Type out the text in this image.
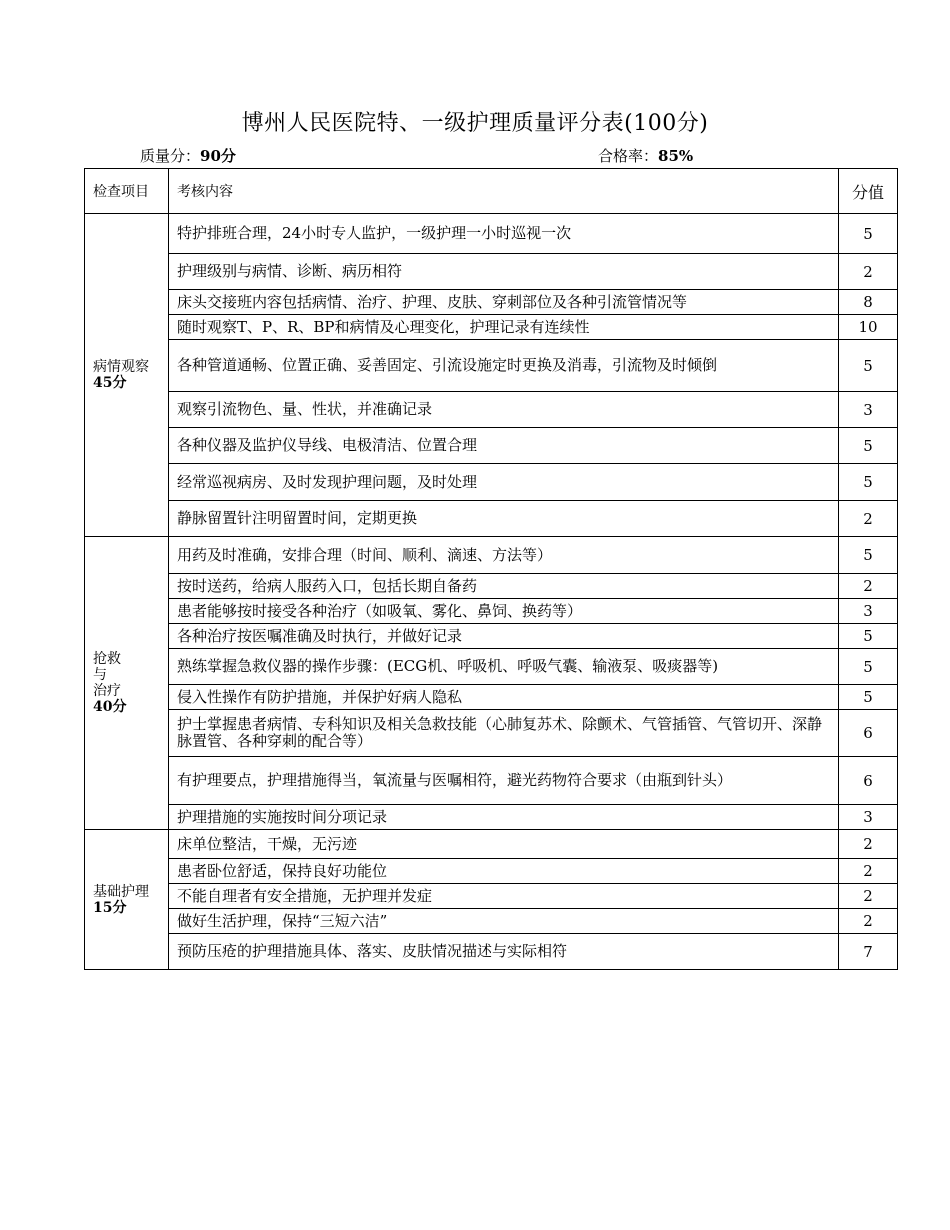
博州人民医院特、一级护理质量评分表(100分)
质量分：90分	合格率：85%
检查项目	考核内容	分值

病情观察
45分	特护排班合理，24小时专人监护，一级护理一小时巡视一次	5
	护理级别与病情、诊断、病历相符	2
	床头交接班内容包括病情、治疗、护理、皮肤、穿刺部位及各种引流管情况等	8
	随时观察T、P、R、BP和病情及心理变化，护理记录有连续性	10
	各种管道通畅、位置正确、妥善固定、引流设施定时更换及消毒，引流物及时倾倒	5
	观察引流物色、量、性状，并准确记录	3
	各种仪器及监护仪导线、电极清洁、位置合理	5
	经常巡视病房、及时发现护理问题，及时处理	5
	静脉留置针注明留置时间，定期更换	2

抢救
与
治疗
40分	用药及时准确，安排合理（时间、顺利、滴速、方法等）	5
	按时送药，给病人服药入口，包括长期自备药	2
	患者能够按时接受各种治疗（如吸氧、雾化、鼻饲、换药等）	3
	各种治疗按医嘱准确及时执行，并做好记录	5
	熟练掌握急救仪器的操作步骤：(ECG机、呼吸机、呼吸气囊、输液泵、吸痰器等)	5
	侵入性操作有防护措施，并保护好病人隐私	5
	护士掌握患者病情、专科知识及相关急救技能（心肺复苏术、除颤术、气管插管、气管切开、深静脉置管、各种穿刺的配合等）	6
	有护理要点，护理措施得当，氧流量与医嘱相符，避光药物符合要求（由瓶到针头）	6
	护理措施的实施按时间分项记录	3

基础护理
15分	床单位整洁，干燥，无污迹	2
	患者卧位舒适，保持良好功能位	2
	不能自理者有安全措施，无护理并发症	2
	做好生活护理，保持“三短六洁”	2
	预防压疮的护理措施具体、落实、皮肤情况描述与实际相符	7
